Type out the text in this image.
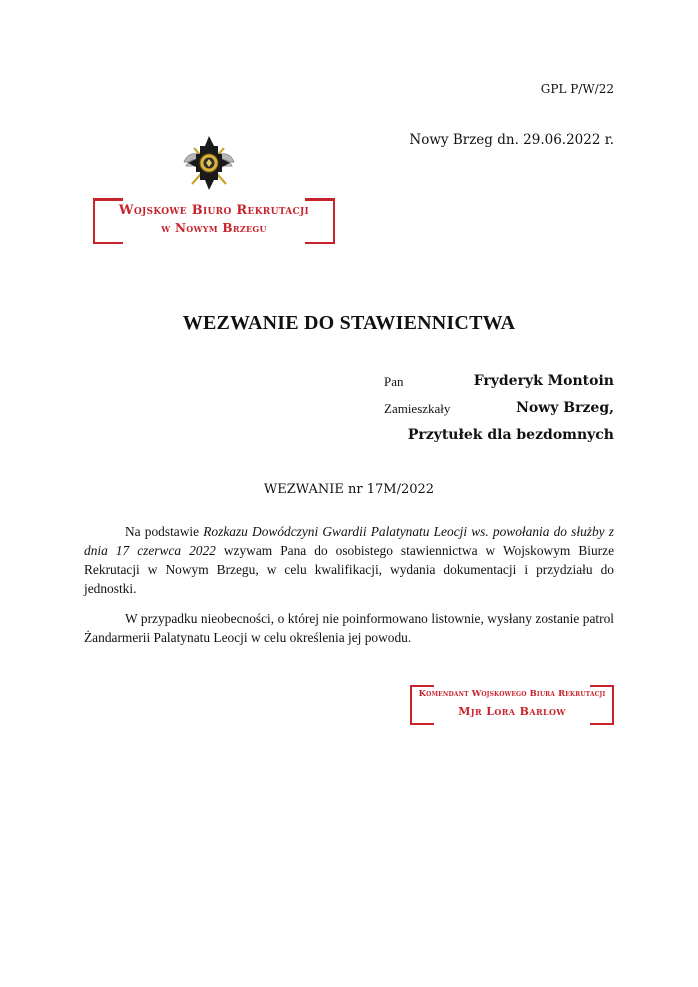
GPL P/W/22
Nowy Brzeg dn. 29.06.2022 r.
Wojskowe Biuro Rekrutacji
w Nowym Brzegu
WEZWANIE DO STAWIENNICTWA
Pan	Fryderyk Montoin
Zamieszkały	Nowy Brzeg,
Przytułek dla bezdomnych
WEZWANIE nr 17M/2022
Na podstawie Rozkazu Dowódczyni Gwardii Palatynatu Leocji ws. powołania do służby z dnia 17 czerwca 2022 wzywam Pana do osobistego stawiennictwa w Wojskowym Biurze Rekrutacji w Nowym Brzegu, w celu kwalifikacji, wydania dokumentacji i przydziału do jednostki.
W przypadku nieobecności, o której nie poinformowano listownie, wysłany zostanie patrol Żandarmerii Palatynatu Leocji w celu określenia jej powodu.
Komendant Wojskowego Biura Rekrutacji
Mjr Lora Barlow
